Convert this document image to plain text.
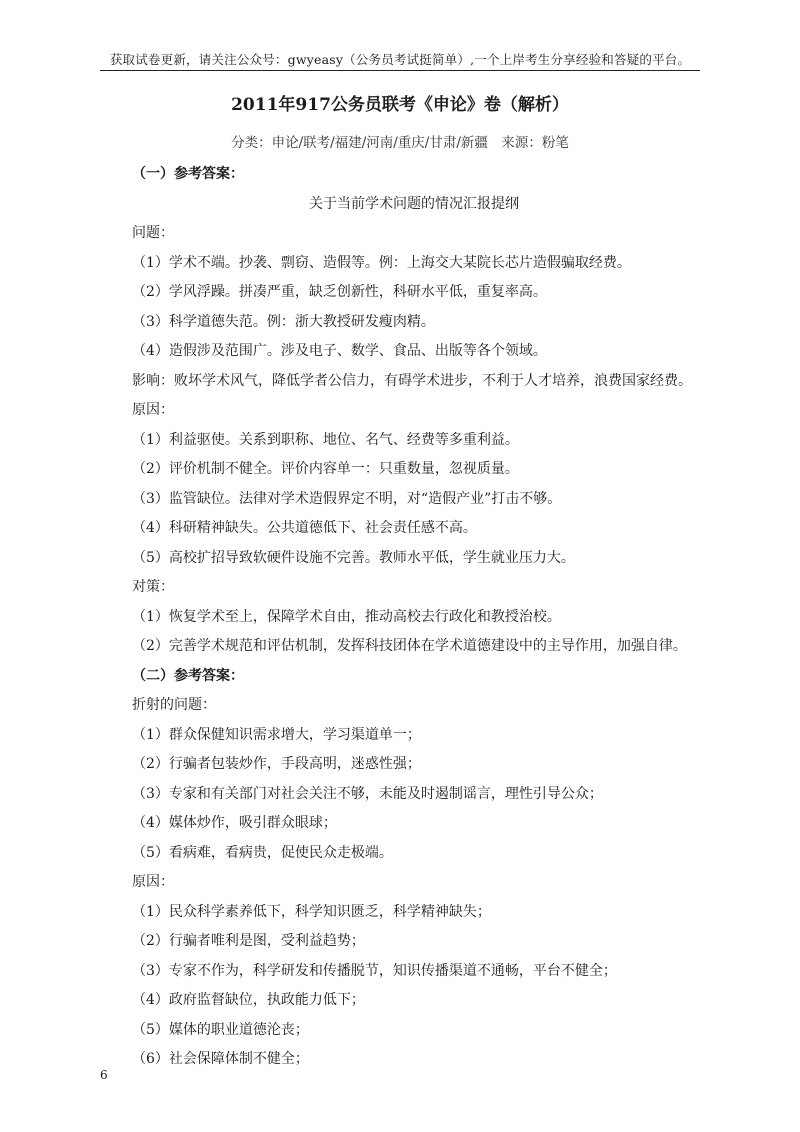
获取试卷更新，请关注公众号：gwyeasy（公务员考试挺简单）,一个上岸考生分享经验和答疑的平台。
2011年917公务员联考《申论》卷（解析）
分类：申论/联考/福建/河南/重庆/甘肃/新疆　来源：粉笔
（一）参考答案：
关于当前学术问题的情况汇报提纲
问题：
（1）学术不端。抄袭、剽窃、造假等。例：上海交大某院长芯片造假骗取经费。
（2）学风浮躁。拼凑严重，缺乏创新性，科研水平低，重复率高。
（3）科学道德失范。例：浙大教授研发瘦肉精。
（4）造假涉及范围广。涉及电子、数学、食品、出版等各个领域。
影响：败坏学术风气，降低学者公信力，有碍学术进步，不利于人才培养，浪费国家经费。
原因：
（1）利益驱使。关系到职称、地位、名气、经费等多重利益。
（2）评价机制不健全。评价内容单一：只重数量，忽视质量。
（3）监管缺位。法律对学术造假界定不明，对“造假产业”打击不够。
（4）科研精神缺失。公共道德低下、社会责任感不高。
（5）高校扩招导致软硬件设施不完善。教师水平低，学生就业压力大。
对策：
（1）恢复学术至上，保障学术自由，推动高校去行政化和教授治校。
（2）完善学术规范和评估机制，发挥科技团体在学术道德建设中的主导作用，加强自律。
（二）参考答案：
折射的问题：
（1）群众保健知识需求增大，学习渠道单一；
（2）行骗者包装炒作，手段高明，迷惑性强；
（3）专家和有关部门对社会关注不够，未能及时遏制谣言，理性引导公众；
（4）媒体炒作，吸引群众眼球；
（5）看病难，看病贵，促使民众走极端。
原因：
（1）民众科学素养低下，科学知识匮乏，科学精神缺失；
（2）行骗者唯利是图，受利益趋势；
（3）专家不作为，科学研发和传播脱节，知识传播渠道不通畅，平台不健全；
（4）政府监督缺位，执政能力低下；
（5）媒体的职业道德沦丧；
（6）社会保障体制不健全；
6
